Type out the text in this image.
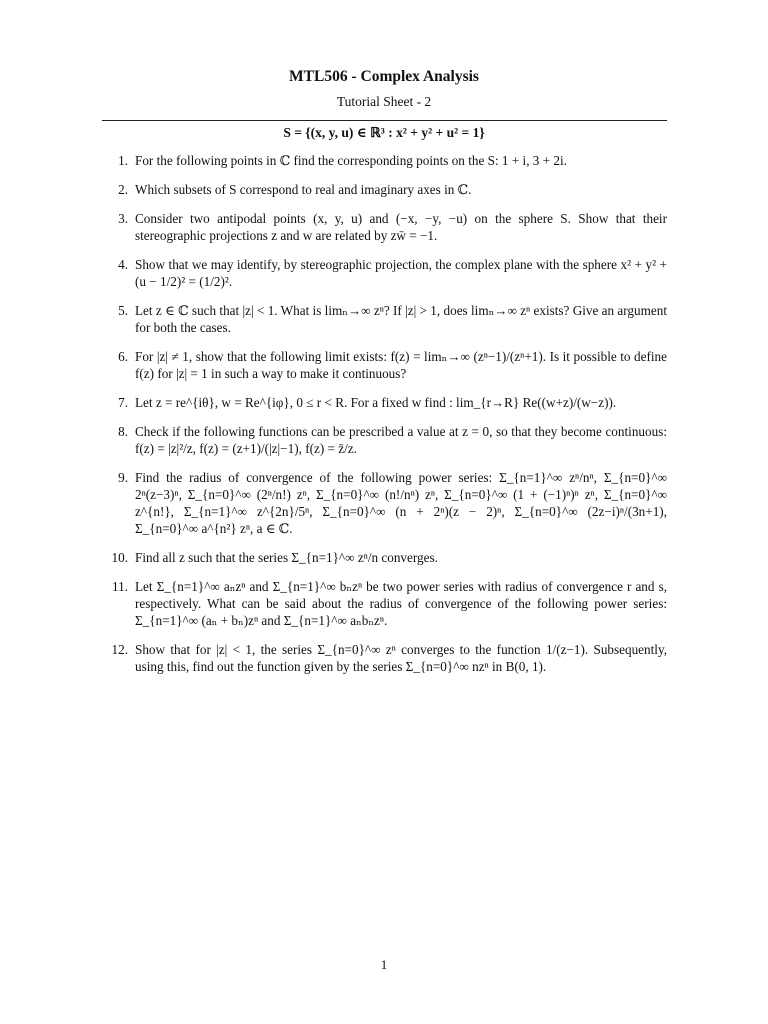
MTL506 - Complex Analysis
Tutorial Sheet - 2
S = {(x, y, u) ∈ ℝ³ : x² + y² + u² = 1}
1. For the following points in ℂ find the corresponding points on the S: 1 + i, 3 + 2i.
2. Which subsets of S correspond to real and imaginary axes in ℂ.
3. Consider two antipodal points (x, y, u) and (−x, −y, −u) on the sphere S. Show that their stereographic projections z and w are related by zw̄ = −1.
4. Show that we may identify, by stereographic projection, the complex plane with the sphere x² + y² + (u − 1/2)² = (1/2)².
5. Let z ∈ ℂ such that |z| < 1. What is limₙ→∞ zⁿ? If |z| > 1, does limₙ→∞ zⁿ exists? Give an argument for both the cases.
6. For |z| ≠ 1, show that the following limit exists: f(z) = limₙ→∞ (zⁿ−1)/(zⁿ+1). Is it possible to define f(z) for |z| = 1 in such a way to make it continuous?
7. Let z = re^{iθ}, w = Re^{iφ}, 0 ≤ r < R. For a fixed w find : lim_{r→R} Re((w+z)/(w−z)).
8. Check if the following functions can be prescribed a value at z = 0, so that they become continuous: f(z) = |z|²/z, f(z) = (z+1)/(|z|−1), f(z) = z̄/z.
9. Find the radius of convergence of the following power series: Σ_{n=1}^∞ zⁿ/nⁿ, Σ_{n=0}^∞ 2ⁿ(z−3)ⁿ, Σ_{n=0}^∞ (2ⁿ/n!) zⁿ, Σ_{n=0}^∞ (n!/nⁿ) zⁿ, Σ_{n=0}^∞ (1 + (−1)ⁿ)ⁿ zⁿ, Σ_{n=0}^∞ z^{n!}, Σ_{n=1}^∞ z^{2n}/5ⁿ, Σ_{n=0}^∞ (n + 2ⁿ)(z − 2)ⁿ, Σ_{n=0}^∞ (2z−i)ⁿ/(3n+1), Σ_{n=0}^∞ a^{n²} zⁿ, a ∈ ℂ.
10. Find all z such that the series Σ_{n=1}^∞ zⁿ/n converges.
11. Let Σ_{n=1}^∞ aₙzⁿ and Σ_{n=1}^∞ bₙzⁿ be two power series with radius of convergence r and s, respectively. What can be said about the radius of convergence of the following power series: Σ_{n=1}^∞ (aₙ + bₙ)zⁿ and Σ_{n=1}^∞ aₙbₙzⁿ.
12. Show that for |z| < 1, the series Σ_{n=0}^∞ zⁿ converges to the function 1/(z−1). Subsequently, using this, find out the function given by the series Σ_{n=0}^∞ nzⁿ in B(0, 1).
1
